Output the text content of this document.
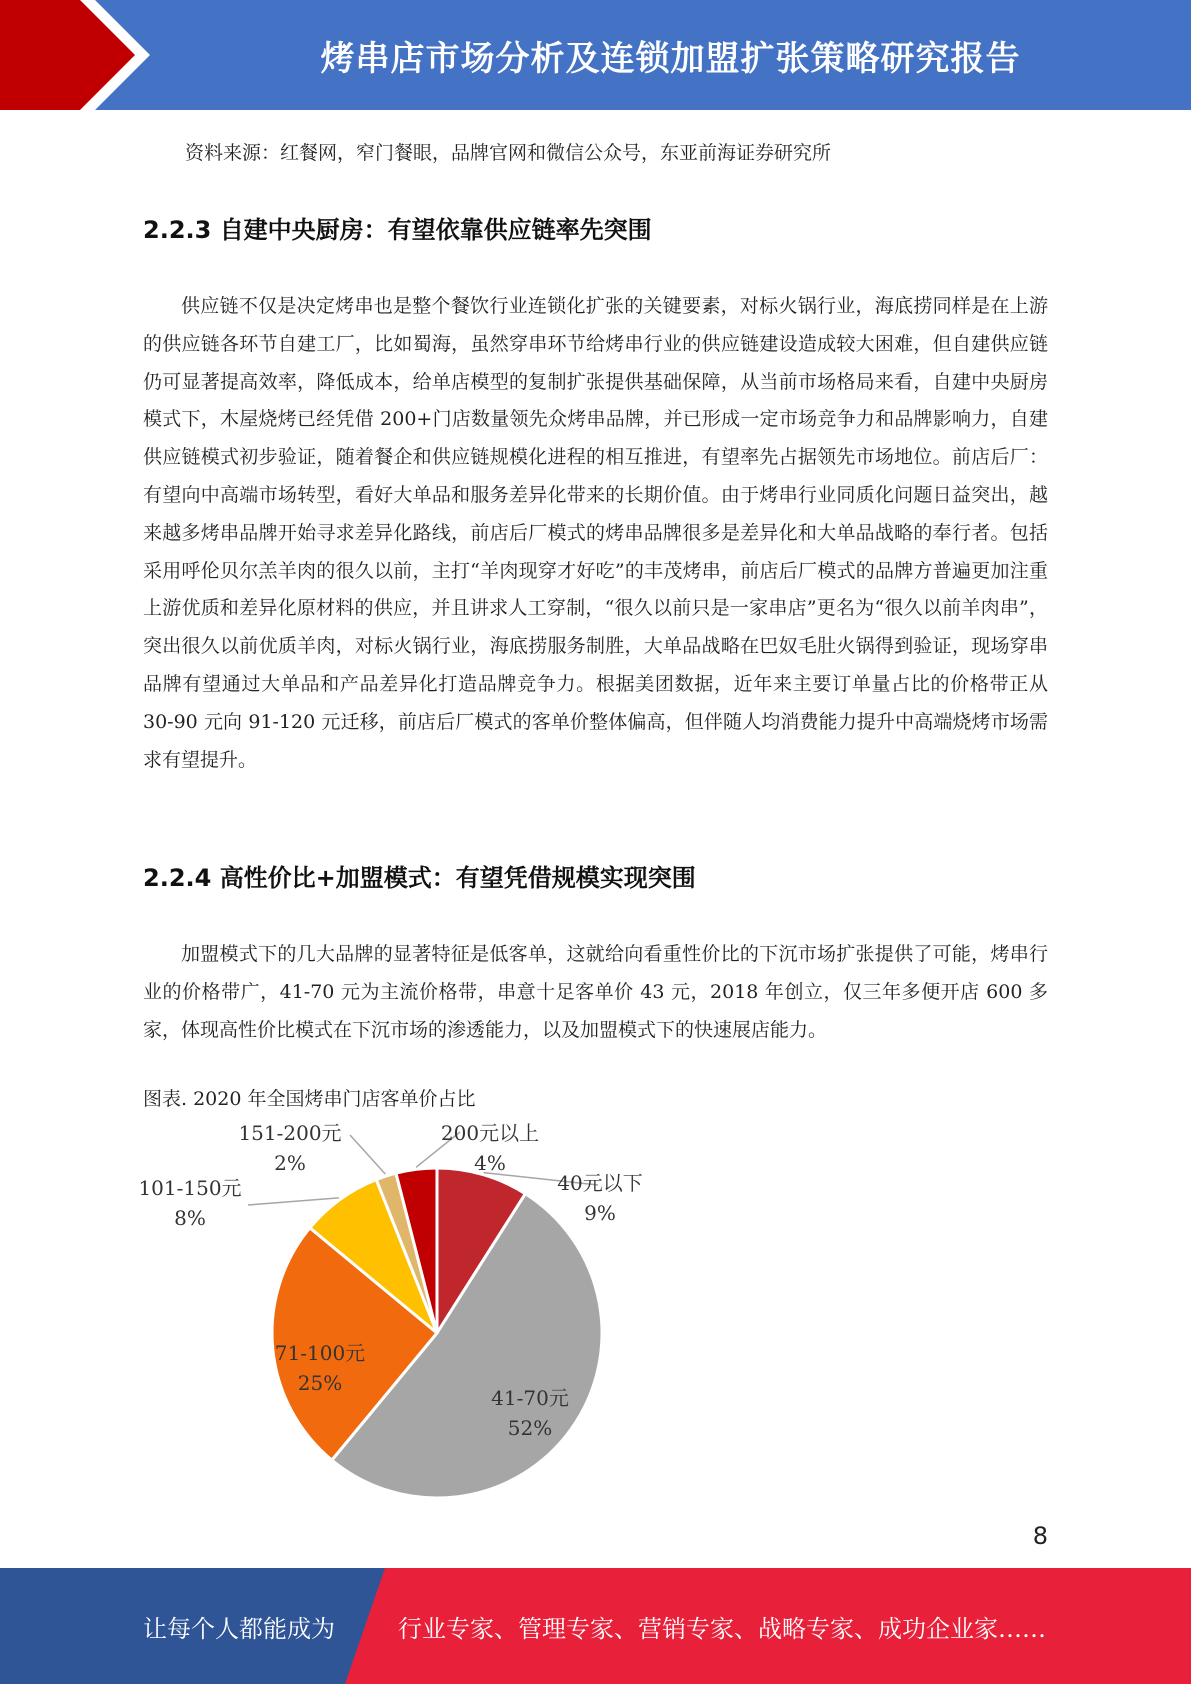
烤串店市场分析及连锁加盟扩张策略研究报告
资料来源：红餐网，窄门餐眼，品牌官网和微信公众号，东亚前海证券研究所
2.2.3 自建中央厨房：有望依靠供应链率先突围

供应链不仅是决定烤串也是整个餐饮行业连锁化扩张的关键要素，对标火锅行业，海底捞同样是在上游的供应链各环节自建工厂，比如蜀海，虽然穿串环节给烤串行业的供应链建设造成较大困难，但自建供应链仍可显著提高效率，降低成本，给单店模型的复制扩张提供基础保障，从当前市场格局来看，自建中央厨房模式下，木屋烧烤已经凭借 200+门店数量领先众烤串品牌，并已形成一定市场竞争力和品牌影响力，自建供应链模式初步验证，随着餐企和供应链规模化进程的相互推进，有望率先占据领先市场地位。前店后厂：有望向中高端市场转型，看好大单品和服务差异化带来的长期价值。由于烤串行业同质化问题日益突出，越来越多烤串品牌开始寻求差异化路线，前店后厂模式的烤串品牌很多是差异化和大单品战略的奉行者。包括采用呼伦贝尔羔羊肉的很久以前，主打“羊肉现穿才好吃”的丰茂烤串，前店后厂模式的品牌方普遍更加注重上游优质和差异化原材料的供应，并且讲求人工穿制，“很久以前只是一家串店”更名为“很久以前羊肉串”，突出很久以前优质羊肉，对标火锅行业，海底捞服务制胜，大单品战略在巴奴毛肚火锅得到验证，现场穿串品牌有望通过大单品和产品差异化打造品牌竞争力。根据美团数据，近年来主要订单量占比的价格带正从 30-90 元向 91-120 元迁移，前店后厂模式的客单价整体偏高，但伴随人均消费能力提升中高端烧烤市场需求有望提升。

2.2.4 高性价比+加盟模式：有望凭借规模实现突围

加盟模式下的几大品牌的显著特征是低客单，这就给向看重性价比的下沉市场扩张提供了可能，烤串行业的价格带广，41-70 元为主流价格带，串意十足客单价 43 元，2018 年创立，仅三年多便开店 600 多家，体现高性价比模式在下沉市场的渗透能力，以及加盟模式下的快速展店能力。

图表. 2020 年全国烤串门店客单价占比
40元以下
9%
41-70元
52%
71-100元
25%
101-150元
8%
151-200元
2%
200元以上
4%
8
让每个人都能成为	行业专家、管理专家、营销专家、战略专家、成功企业家……
